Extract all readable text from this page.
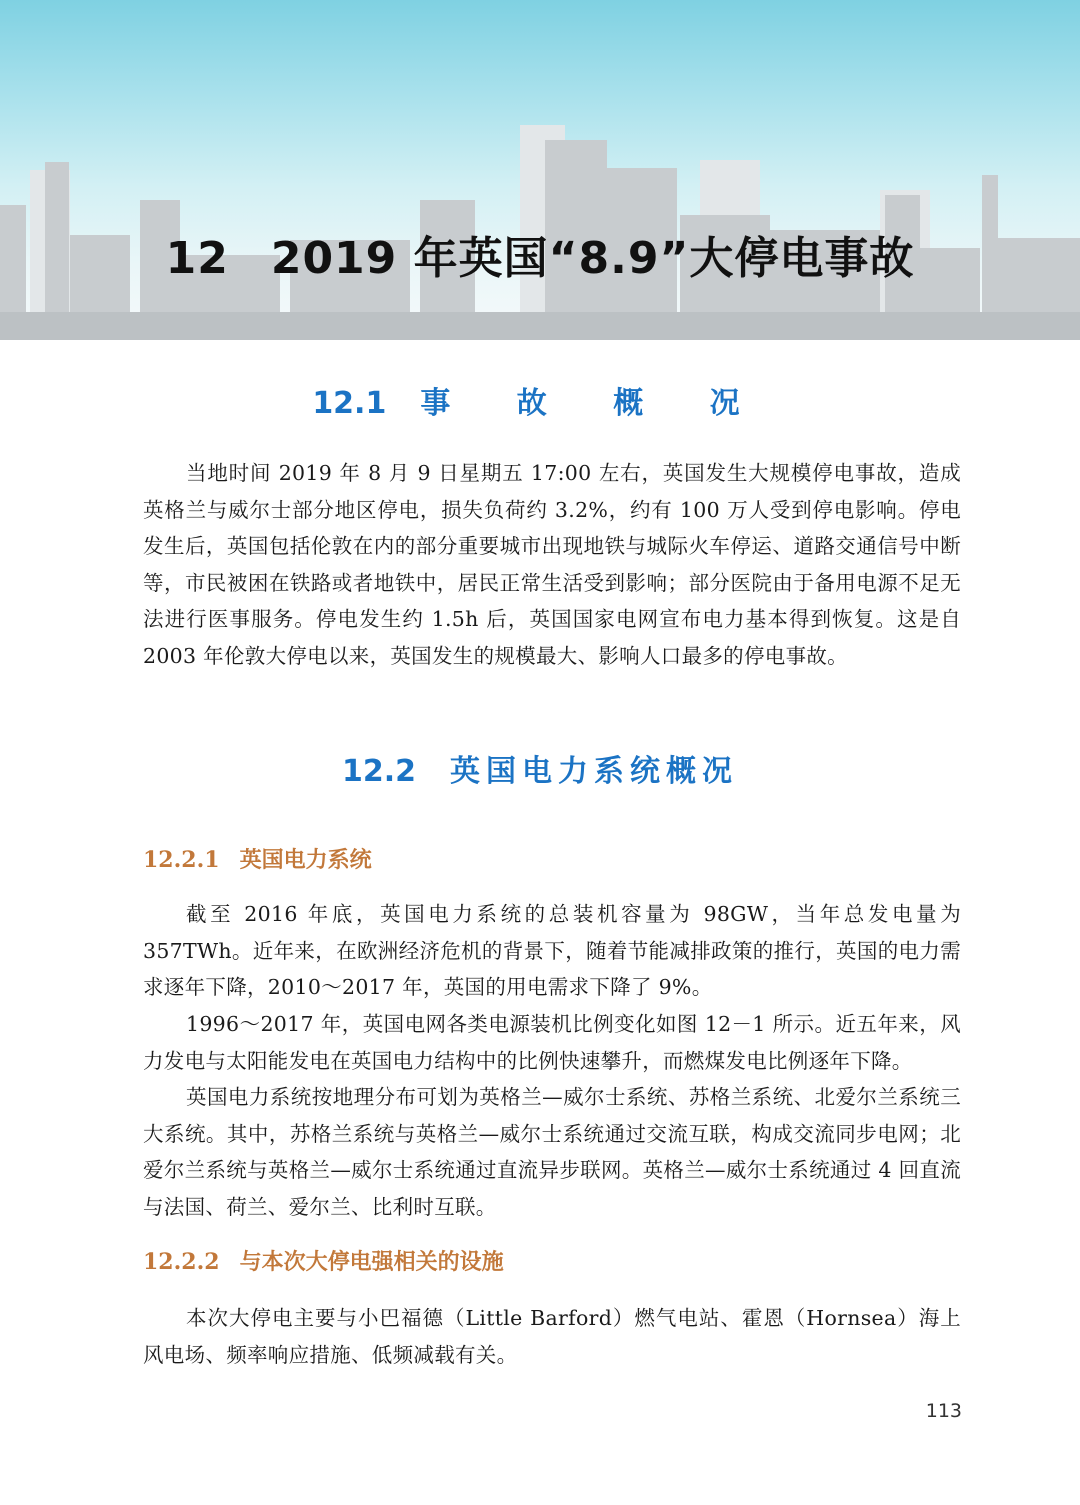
12 2019 年英国“8.9”大停电事故
12.1 事 故 概 况

当地时间 2019 年 8 月 9 日星期五 17:00 左右，英国发生大规模停电事故，造成英格兰与威尔士部分地区停电，损失负荷约 3.2%，约有 100 万人受到停电影响。停电发生后，英国包括伦敦在内的部分重要城市出现地铁与城际火车停运、道路交通信号中断等，市民被困在铁路或者地铁中，居民正常生活受到影响；部分医院由于备用电源不足无法进行医事服务。停电发生约 1.5h 后，英国国家电网宣布电力基本得到恢复。这是自 2003 年伦敦大停电以来，英国发生的规模最大、影响人口最多的停电事故。

12.2 英国电力系统概况
12.2.1 英国电力系统

截至 2016 年底，英国电力系统的总装机容量为 98GW，当年总发电量为 357TWh。近年来，在欧洲经济危机的背景下，随着节能减排政策的推行，英国的电力需求逐年下降，2010～2017 年，英国的用电需求下降了 9%。

1996～2017 年，英国电网各类电源装机比例变化如图 12－1 所示。近五年来，风力发电与太阳能发电在英国电力结构中的比例快速攀升，而燃煤发电比例逐年下降。

英国电力系统按地理分布可划为英格兰—威尔士系统、苏格兰系统、北爱尔兰系统三大系统。其中，苏格兰系统与英格兰—威尔士系统通过交流互联，构成交流同步电网；北爱尔兰系统与英格兰—威尔士系统通过直流异步联网。英格兰—威尔士系统通过 4 回直流与法国、荷兰、爱尔兰、比利时互联。

12.2.2 与本次大停电强相关的设施

本次大停电主要与小巴福德（Little Barford）燃气电站、霍恩（Hornsea）海上风电场、频率响应措施、低频减载有关。

113
